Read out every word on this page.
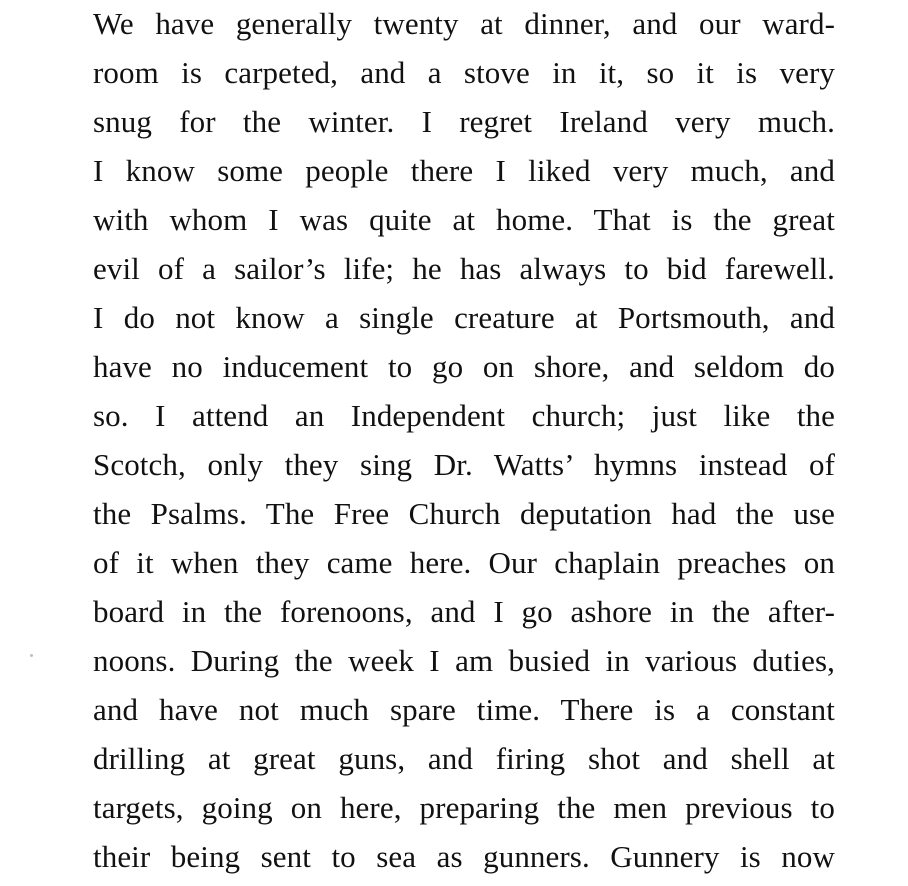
We have generally twenty at dinner, and our ward-
room is carpeted, and a stove in it, so it is very
snug for the winter. I regret Ireland very much.
I know some people there I liked very much, and
with whom I was quite at home. That is the great
evil of a sailor’s life; he has always to bid farewell.
I do not know a single creature at Portsmouth, and
have no inducement to go on shore, and seldom do
so. I attend an Independent church; just like the
Scotch, only they sing Dr. Watts’ hymns instead of
the Psalms. The Free Church deputation had the use
of it when they came here. Our chaplain preaches on
board in the forenoons, and I go ashore in the after-
noons. During the week I am busied in various duties,
and have not much spare time. There is a constant
drilling at great guns, and firing shot and shell at
targets, going on here, preparing the men previous to
their being sent to sea as gunners. Gunnery is now
